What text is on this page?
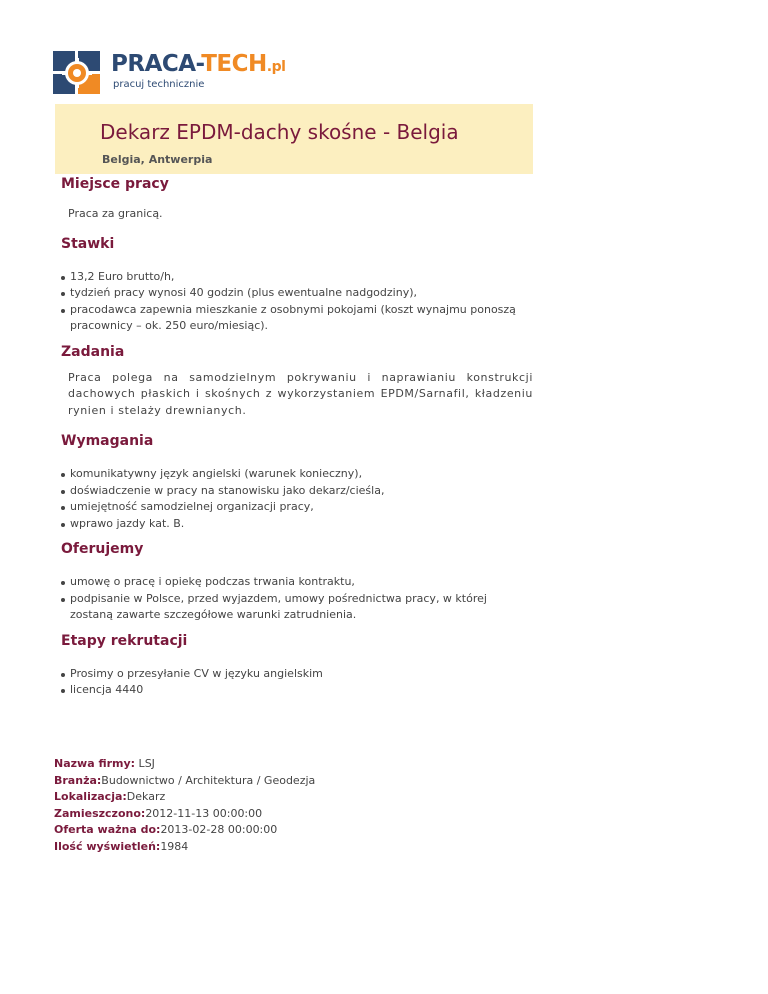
PRACA-TECH.pl
pracuj technicznie
Dekarz EPDM-dachy skośne - Belgia
Belgia, Antwerpia
Miejsce pracy

Praca za granicą.

Stawki
13,2 Euro brutto/h,
tydzień pracy wynosi 40 godzin (plus ewentualne nadgodziny),
pracodawca zapewnia mieszkanie z osobnymi pokojami (koszt wynajmu ponoszą pracownicy – ok. 250 euro/miesiąc).
Zadania

Praca polega na samodzielnym pokrywaniu i naprawianiu konstrukcji dachowych płaskich i skośnych z wykorzystaniem EPDM/Sarnafil, kładzeniu rynien i stelaży drewnianych.

Wymagania
komunikatywny język angielski (warunek konieczny),
doświadczenie w pracy na stanowisku jako dekarz/cieśla,
umiejętność samodzielnej organizacji pracy,
wprawo jazdy kat. B.
Oferujemy
umowę o pracę i opiekę podczas trwania kontraktu,
podpisanie w Polsce, przed wyjazdem, umowy pośrednictwa pracy, w której zostaną zawarte szczegółowe warunki zatrudnienia.
Etapy rekrutacji
Prosimy o przesyłanie CV w języku angielskim
licencja 4440
Nazwa firmy: LSJ
Branża:Budownictwo / Architektura / Geodezja
Lokalizacja:Dekarz
Zamieszczono:2012-11-13 00:00:00
Oferta ważna do:2013-02-28 00:00:00
Ilość wyświetleń:1984
